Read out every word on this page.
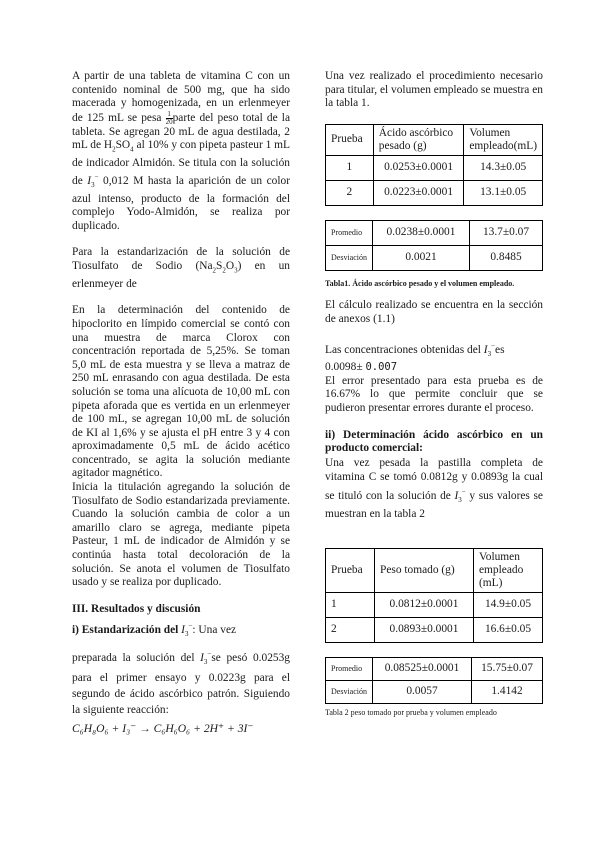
A partir de una tableta de vitamina C con un contenido nominal de 500 mg, que ha sido macerada y homogenizada, en un erlenmeyer de 125 mL se pesa $\frac{1}{20}$ parte del peso total de la tableta. Se agregan 20 mL de agua destilada, 2 mL de $H_2SO_4$ al 10% y con pipeta pasteur 1 mL de indicador Almidón. Se titula con la solución de $I_3^-$ 0,012 M hasta la aparición de un color azul intenso, producto de la formación del complejo Yodo-Almidón, se realiza por duplicado.

Para la estandarización de la solución de Tiosulfato de Sodio $(Na_2S_2O_3)$ en un erlenmeyer de

En la determinación del contenido de hipoclorito en límpido comercial se contó con una muestra de marca Clorox con concentración reportada de 5,25%. Se toman 5,0 mL de esta muestra y se lleva a matraz de 250 mL enrasando con agua destilada. De esta solución se toma una alícuota de 10,00 mL con pipeta aforada que es vertida en un erlenmeyer de 100 mL, se agregan 10,00 mL de solución de KI al 1,6% y se ajusta el pH entre 3 y 4 con aproximadamente 0,5 mL de ácido acético concentrado, se agita la solución mediante agitador magnético.

Inicia la titulación agregando la solución de Tiosulfato de Sodio estandarizada previamente. Cuando la solución cambia de color a un amarillo claro se agrega, mediante pipeta Pasteur, 1 mL de indicador de Almidón y se continúa hasta total decoloración de la solución. Se anota el volumen de Tiosulfato usado y se realiza por duplicado.

III. Resultados y discusión

i) Estandarización del $I_3^-$: Una vez

preparada la solución del $I_3^-se$ pesó 0.0253g para el primer ensayo y 0.0223g para el segundo de ácido ascórbico patrón. Siguiendo la siguiente reacción:

C₆H₈O₆ + I₃⁻ → C₆H₆O₆ + 2H⁺ + 3I⁻

Una vez realizado el procedimiento necesario para titular, el volumen empleado se muestra en la tabla 1.

Prueba	Ácido ascórbico pesado (g)	Volumen empleado(mL)
1	0.0253±0.0001	14.3±0.05
2	0.0223±0.0001	13.1±0.05
Promedio	0.0238±0.0001	13.7±0.07
Desviación	0.0021	0.8485
Tabla1. Ácido ascórbico pesado y el volumen empleado.

El cálculo realizado se encuentra en la sección de anexos (1.1)

Las concentraciones obtenidas del $I_3^-es$
0.0098± 0.007

El error presentado para esta prueba es de 16.67% lo que permite concluir que se pudieron presentar errores durante el proceso.

ii) Determinación ácido ascórbico en un producto comercial:

Una vez pesada la pastilla completa de vitamina C se tomó 0.0812g y 0.0893g la cual se tituló con la solución de $I_3^-$ y sus valores se muestran en la tabla 2

Prueba	Peso tomado (g)	Volumen empleado (mL)
1	0.0812±0.0001	14.9±0.05
2	0.0893±0.0001	16.6±0.05
Promedio	0.08525±0.0001	15.75±0.07
Desviación	0.0057	1.4142
Tabla 2 peso tomado por prueba y volumen empleado
